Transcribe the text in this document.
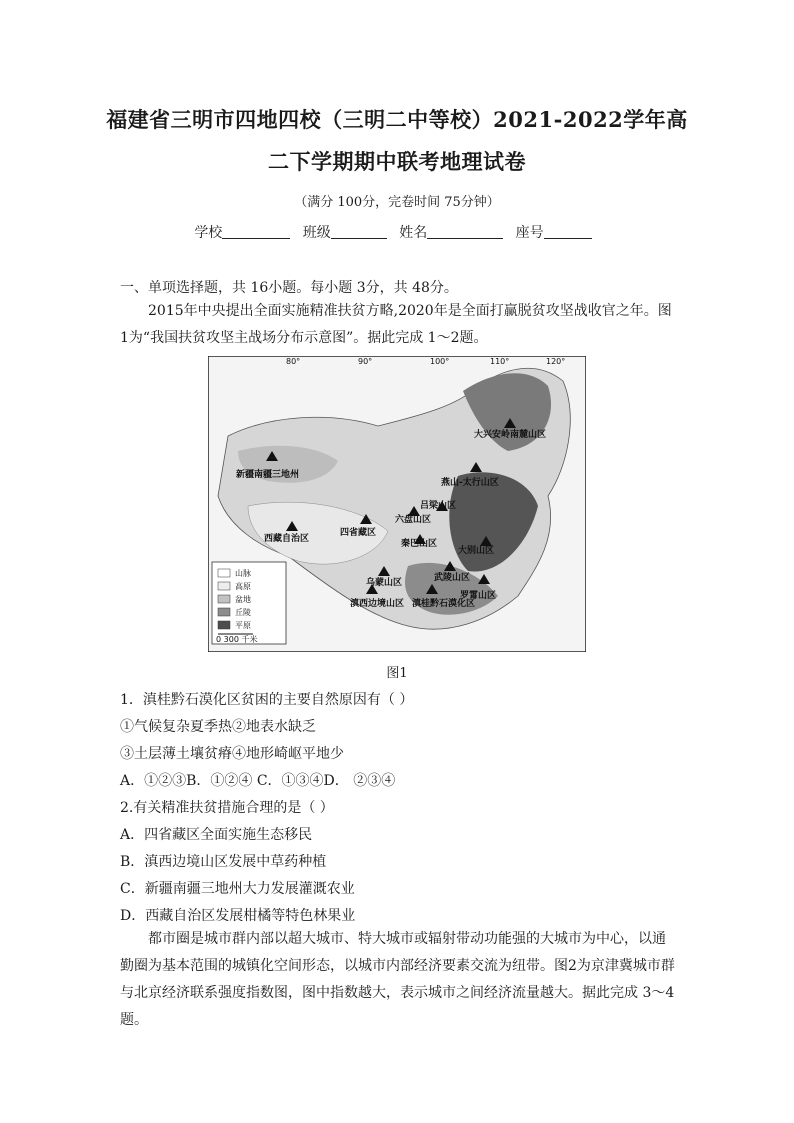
福建省三明市四地四校（三明二中等校）2021-2022学年高
二下学期期中联考地理试卷
（满分 100分，完卷时间 75分钟）
学校	班级	姓名	座号
一、单项选择题，共 16小题。每小题 3分，共 48分。
2015年中央提出全面实施精准扶贫方略,2020年是全面打赢脱贫攻坚战收官之年。图1为“我国扶贫攻坚主战场分布示意图”。据此完成 1～2题。
80°	90°	100°	110°	120°
山脉
高原
盆地
丘陵
平原
0 300 千米
新疆南疆三地州
大兴安岭南麓山区
燕山-太行山区
吕梁山区
六盘山区
四省藏区
西藏自治区	秦巴山区
大别山区
武陵山区
乌蒙山区
滇西边境山区 滇桂黔石漠化区
罗霄山区
图1
1．滇桂黔石漠化区贫困的主要自然原因有（ ）
①气候复杂夏季热②地表水缺乏
③土层薄土壤贫瘠④地形崎岖平地少
A．①②③B．①②④ C．①③④D． ②③④
2.有关精准扶贫措施合理的是（ ）
A．四省藏区全面实施生态移民
B．滇西边境山区发展中草药种植
C．新疆南疆三地州大力发展灌溉农业
D．西藏自治区发展柑橘等特色林果业
都市圈是城市群内部以超大城市、特大城市或辐射带动功能强的大城市为中心，以通勤圈为基本范围的城镇化空间形态，以城市内部经济要素交流为纽带。图2为京津冀城市群与北京经济联系强度指数图，图中指数越大，表示城市之间经济流量越大。据此完成 3～4题。
